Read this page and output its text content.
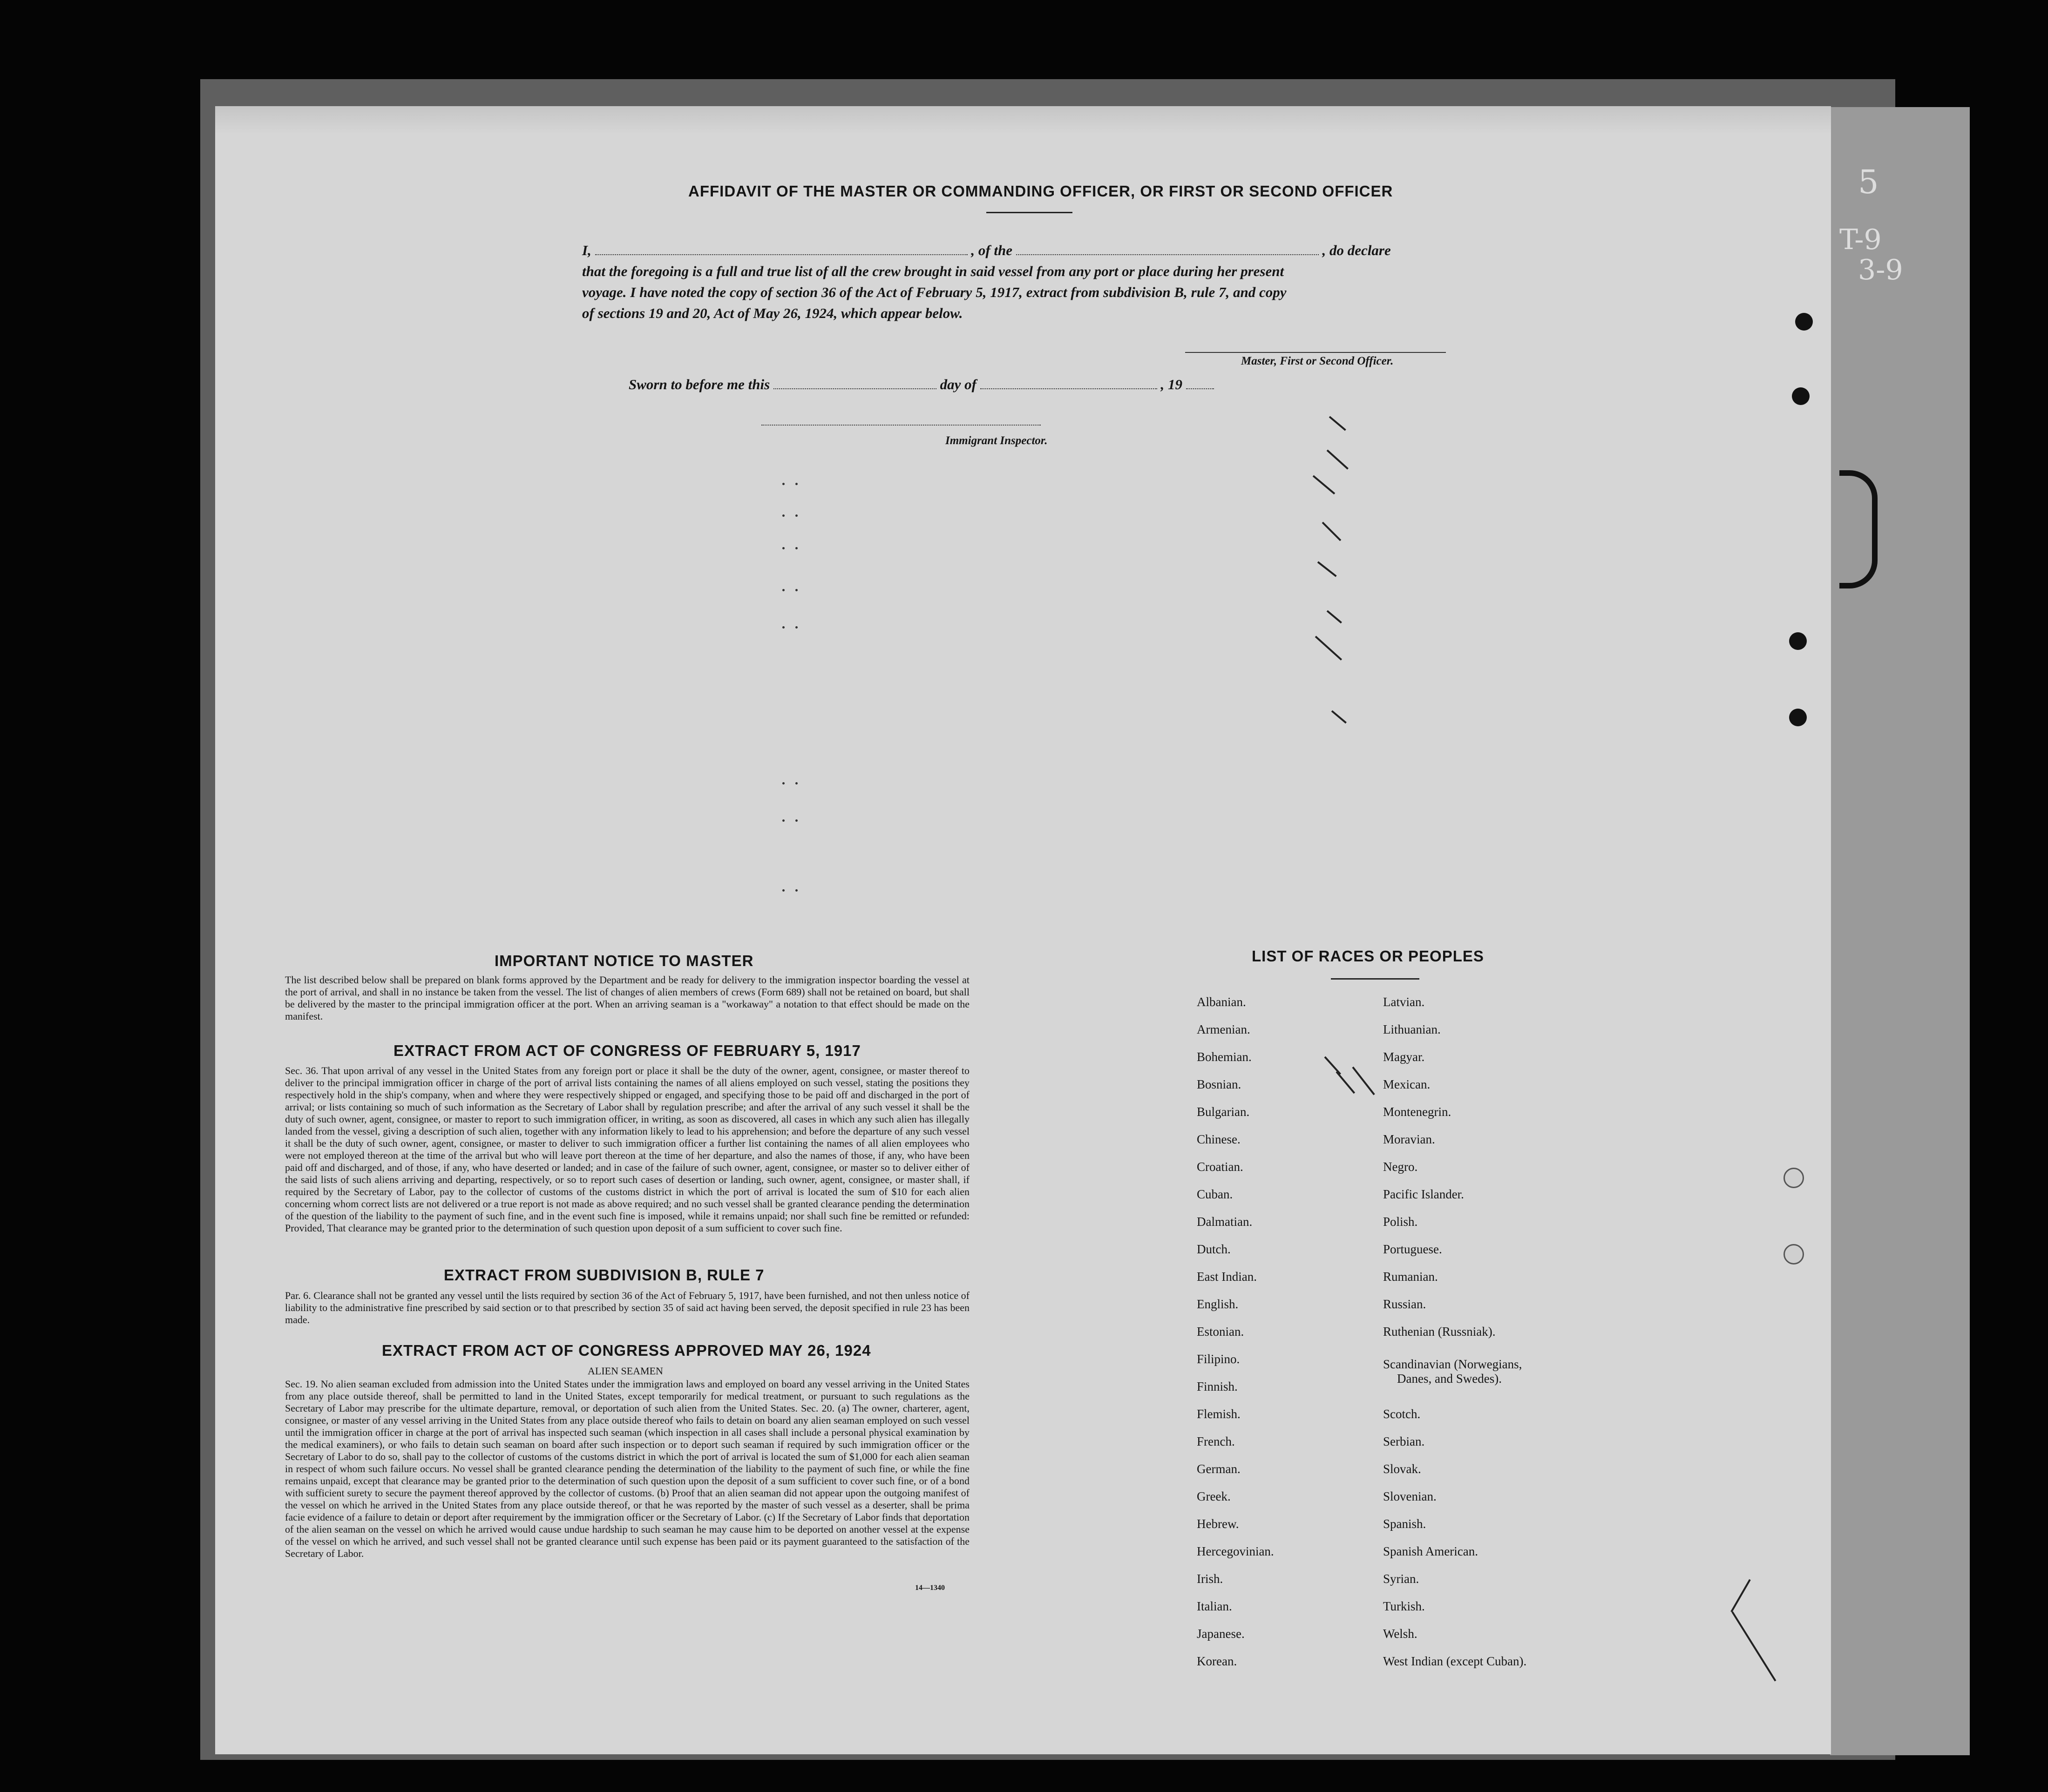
5
T-9
3-9
AFFIDAVIT OF THE MASTER OR COMMANDING OFFICER, OR FIRST OR SECOND OFFICER
I,	, of the	, do declare
that the foregoing is a full and true list of all the crew brought in said vessel from any port or place during her present
voyage. I have noted the copy of section 36 of the Act of February 5, 1917, extract from subdivision B, rule 7, and copy
of sections 19 and 20, Act of May 26, 1924, which appear below.
Master, First or Second Officer.
Sworn to before me this	day of	, 19
Immigrant Inspector.
IMPORTANT NOTICE TO MASTER
The list described below shall be prepared on blank forms approved by the Department and be ready for delivery to the immigration inspector boarding the vessel at the port of arrival, and shall in no instance be taken from the vessel. The list of changes of alien members of crews (Form 689) shall not be retained on board, but shall be delivered by the master to the principal immigration officer at the port. When an arriving seaman is a "workaway" a notation to that effect should be made on the manifest.
EXTRACT FROM ACT OF CONGRESS OF FEBRUARY 5, 1917
Sec. 36. That upon arrival of any vessel in the United States from any foreign port or place it shall be the duty of the owner, agent, consignee, or master thereof to deliver to the principal immigration officer in charge of the port of arrival lists containing the names of all aliens employed on such vessel, stating the positions they respectively hold in the ship's company, when and where they were respectively shipped or engaged, and specifying those to be paid off and discharged in the port of arrival; or lists containing so much of such information as the Secretary of Labor shall by regulation prescribe; and after the arrival of any such vessel it shall be the duty of such owner, agent, consignee, or master to report to such immigration officer, in writing, as soon as discovered, all cases in which any such alien has illegally landed from the vessel, giving a description of such alien, together with any information likely to lead to his apprehension; and before the departure of any such vessel it shall be the duty of such owner, agent, consignee, or master to deliver to such immigration officer a further list containing the names of all alien employees who were not employed thereon at the time of the arrival but who will leave port thereon at the time of her departure, and also the names of those, if any, who have been paid off and discharged, and of those, if any, who have deserted or landed; and in case of the failure of such owner, agent, consignee, or master so to deliver either of the said lists of such aliens arriving and departing, respectively, or so to report such cases of desertion or landing, such owner, agent, consignee, or master shall, if required by the Secretary of Labor, pay to the collector of customs of the customs district in which the port of arrival is located the sum of $10 for each alien concerning whom correct lists are not delivered or a true report is not made as above required; and no such vessel shall be granted clearance pending the determination of the question of the liability to the payment of such fine, and in the event such fine is imposed, while it remains unpaid; nor shall such fine be remitted or refunded: Provided, That clearance may be granted prior to the determination of such question upon deposit of a sum sufficient to cover such fine.
EXTRACT FROM SUBDIVISION B, RULE 7
Par. 6. Clearance shall not be granted any vessel until the lists required by section 36 of the Act of February 5, 1917, have been furnished, and not then unless notice of liability to the administrative fine prescribed by said section or to that prescribed by section 35 of said act having been served, the deposit specified in rule 23 has been made.
EXTRACT FROM ACT OF CONGRESS APPROVED MAY 26, 1924
ALIEN SEAMEN
Sec. 19. No alien seaman excluded from admission into the United States under the immigration laws and employed on board any vessel arriving in the United States from any place outside thereof, shall be permitted to land in the United States, except temporarily for medical treatment, or pursuant to such regulations as the Secretary of Labor may prescribe for the ultimate departure, removal, or deportation of such alien from the United States. Sec. 20. (a) The owner, charterer, agent, consignee, or master of any vessel arriving in the United States from any place outside thereof who fails to detain on board any alien seaman employed on such vessel until the immigration officer in charge at the port of arrival has inspected such seaman (which inspection in all cases shall include a personal physical examination by the medical examiners), or who fails to detain such seaman on board after such inspection or to deport such seaman if required by such immigration officer or the Secretary of Labor to do so, shall pay to the collector of customs of the customs district in which the port of arrival is located the sum of $1,000 for each alien seaman in respect of whom such failure occurs. No vessel shall be granted clearance pending the determination of the liability to the payment of such fine, or while the fine remains unpaid, except that clearance may be granted prior to the determination of such question upon the deposit of a sum sufficient to cover such fine, or of a bond with sufficient surety to secure the payment thereof approved by the collector of customs. (b) Proof that an alien seaman did not appear upon the outgoing manifest of the vessel on which he arrived in the United States from any place outside thereof, or that he was reported by the master of such vessel as a deserter, shall be prima facie evidence of a failure to detain or deport after requirement by the immigration officer or the Secretary of Labor. (c) If the Secretary of Labor finds that deportation of the alien seaman on the vessel on which he arrived would cause undue hardship to such seaman he may cause him to be deported on another vessel at the expense of the vessel on which he arrived, and such vessel shall not be granted clearance until such expense has been paid or its payment guaranteed to the satisfaction of the Secretary of Labor.
14—1340
LIST OF RACES OR PEOPLES
Albanian.
Armenian.
Bohemian.
Bosnian.
Bulgarian.
Chinese.
Croatian.
Cuban.
Dalmatian.
Dutch.
East Indian.
English.
Estonian.
Filipino.
Finnish.
Flemish.
French.
German.
Greek.
Hebrew.
Hercegovinian.
Irish.
Italian.
Japanese.
Korean.
Latvian.
Lithuanian.
Magyar.
Mexican.
Montenegrin.
Moravian.
Negro.
Pacific Islander.
Polish.
Portuguese.
Rumanian.
Russian.
Ruthenian (Russniak).
Scandinavian (Norwegians,
Danes, and Swedes).
Scotch.
Serbian.
Slovak.
Slovenian.
Spanish.
Spanish American.
Syrian.
Turkish.
Welsh.
West Indian (except Cuban).
